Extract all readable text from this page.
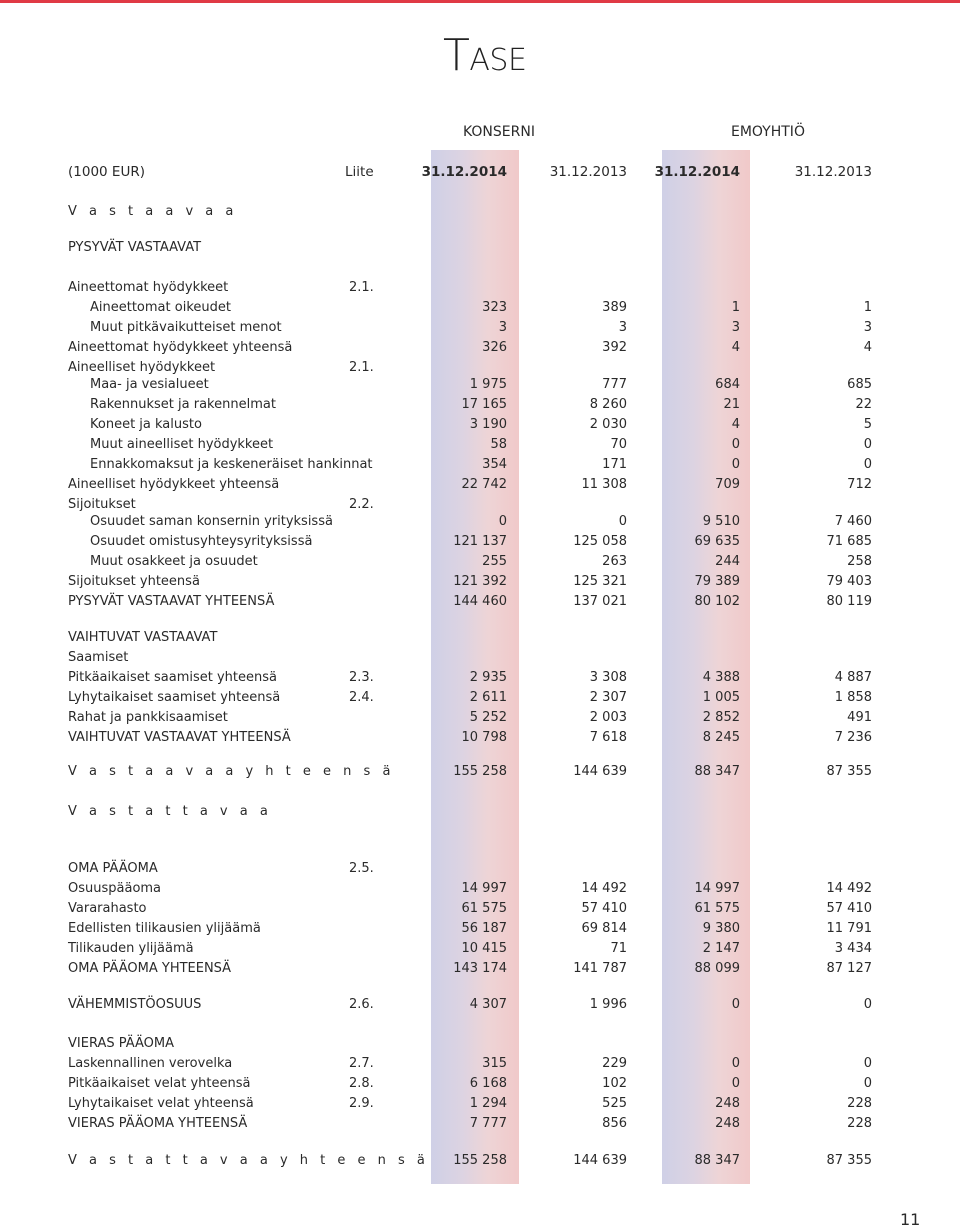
TASE
KONSERNI	EMOYHTIÖ
(1000 EUR)	Liite	31.12.2014	31.12.2013	31.12.2014	31.12.2013
V a s t a a v a a
PYSYVÄT VASTAAVAT
Aineettomat hyödykkeet	2.1.
Aineettomat oikeudet	323	389	1	1
Muut pitkävaikutteiset menot	3	3	3	3
Aineettomat hyödykkeet yhteensä	326	392	4	4
Aineelliset hyödykkeet	2.1.
Maa- ja vesialueet	1 975	777	684	685
Rakennukset ja rakennelmat	17 165	8 260	21	22
Koneet ja kalusto	3 190	2 030	4	5
Muut aineelliset hyödykkeet	58	70	0	0
Ennakkomaksut ja keskeneräiset hankinnat	354	171	0	0
Aineelliset hyödykkeet yhteensä	22 742	11 308	709	712
Sijoitukset	2.2.
Osuudet saman konsernin yrityksissä	0	0	9 510	7 460
Osuudet omistusyhteysyrityksissä	121 137	125 058	69 635	71 685
Muut osakkeet ja osuudet	255	263	244	258
Sijoitukset yhteensä	121 392	125 321	79 389	79 403
PYSYVÄT VASTAAVAT YHTEENSÄ	144 460	137 021	80 102	80 119
VAIHTUVAT VASTAAVAT
Saamiset
Pitkäaikaiset saamiset yhteensä	2.3.	2 935	3 308	4 388	4 887
Lyhytaikaiset saamiset yhteensä	2.4.	2 611	2 307	1 005	1 858
Rahat ja pankkisaamiset	5 252	2 003	2 852	491
VAIHTUVAT VASTAAVAT YHTEENSÄ	10 798	7 618	8 245	7 236
V a s t a a v a a y h t e e n s ä	155 258	144 639	88 347	87 355
V a s t a t t a v a a
OMA PÄÄOMA	2.5.
Osuuspääoma	14 997	14 492	14 997	14 492
Vararahasto	61 575	57 410	61 575	57 410
Edellisten tilikausien ylijäämä	56 187	69 814	9 380	11 791
Tilikauden ylijäämä	10 415	71	2 147	3 434
OMA PÄÄOMA YHTEENSÄ	143 174	141 787	88 099	87 127
VÄHEMMISTÖOSUUS	2.6.	4 307	1 996	0	0
VIERAS PÄÄOMA
Laskennallinen verovelka	2.7.	315	229	0	0
Pitkäaikaiset velat yhteensä	2.8.	6 168	102	0	0
Lyhytaikaiset velat yhteensä	2.9.	1 294	525	248	228
VIERAS PÄÄOMA YHTEENSÄ	7 777	856	248	228
V a s t a t t a v a a y h t e e n s ä	155 258	144 639	88 347	87 355
11
